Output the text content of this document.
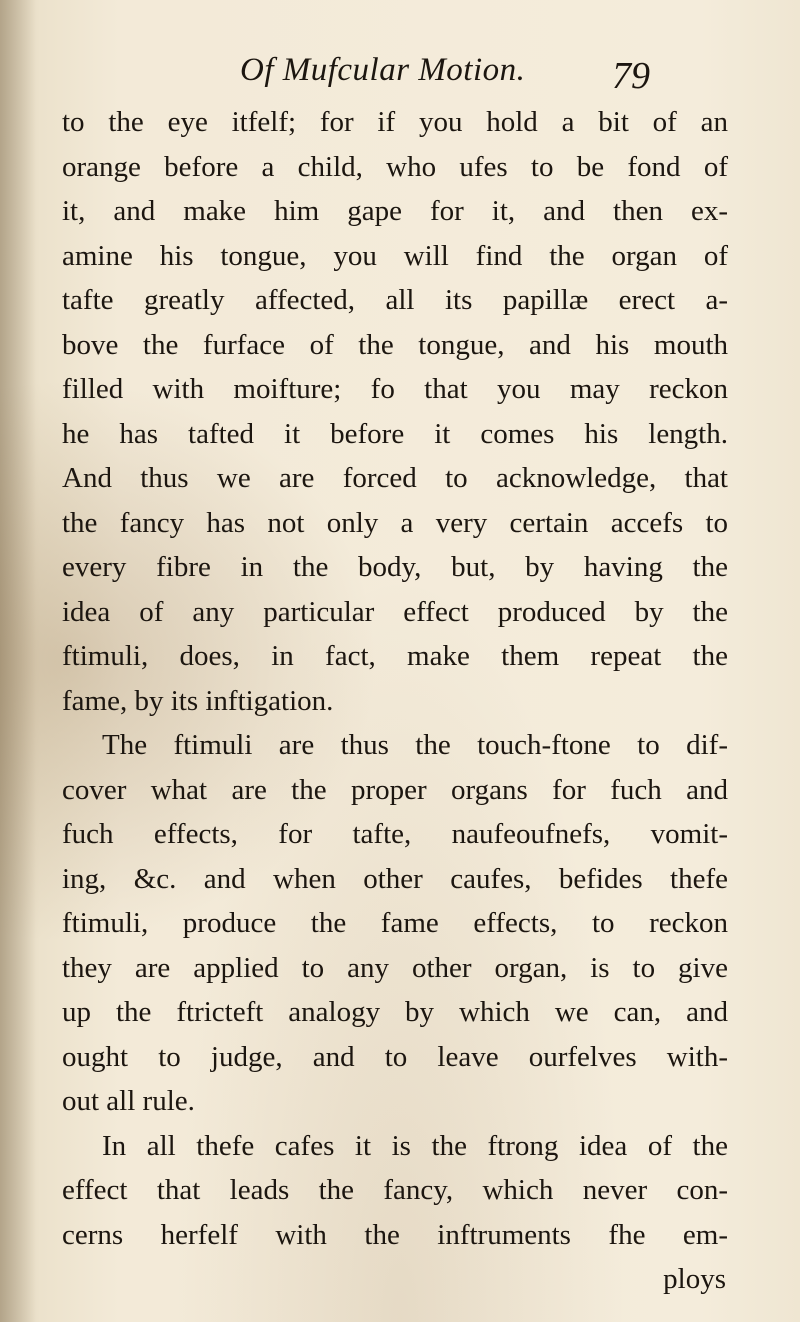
Of Mufcular Motion. 79
to the eye itfelf; for if you hold a bit of an
orange before a child, who ufes to be fond of
it, and make him gape for it, and then ex-
amine his tongue, you will find the organ of
tafte greatly affected, all its papillæ erect a-
bove the furface of the tongue, and his mouth
filled with moifture; fo that you may reckon
he has tafted it before it comes his length.
And thus we are forced to acknowledge, that
the fancy has not only a very certain accefs to
every fibre in the body, but, by having the
idea of any particular effect produced by the
ftimuli, does, in fact, make them repeat the
fame, by its inftigation.
The ftimuli are thus the touch-ftone to dif-
cover what are the proper organs for fuch and
fuch effects, for tafte, naufeoufnefs, vomit-
ing, &c. and when other caufes, befides thefe
ftimuli, produce the fame effects, to reckon
they are applied to any other organ, is to give
up the ftricteft analogy by which we can, and
ought to judge, and to leave ourfelves with-
out all rule.
In all thefe cafes it is the ftrong idea of the
effect that leads the fancy, which never con-
cerns herfelf with the inftruments fhe em-
ploys
